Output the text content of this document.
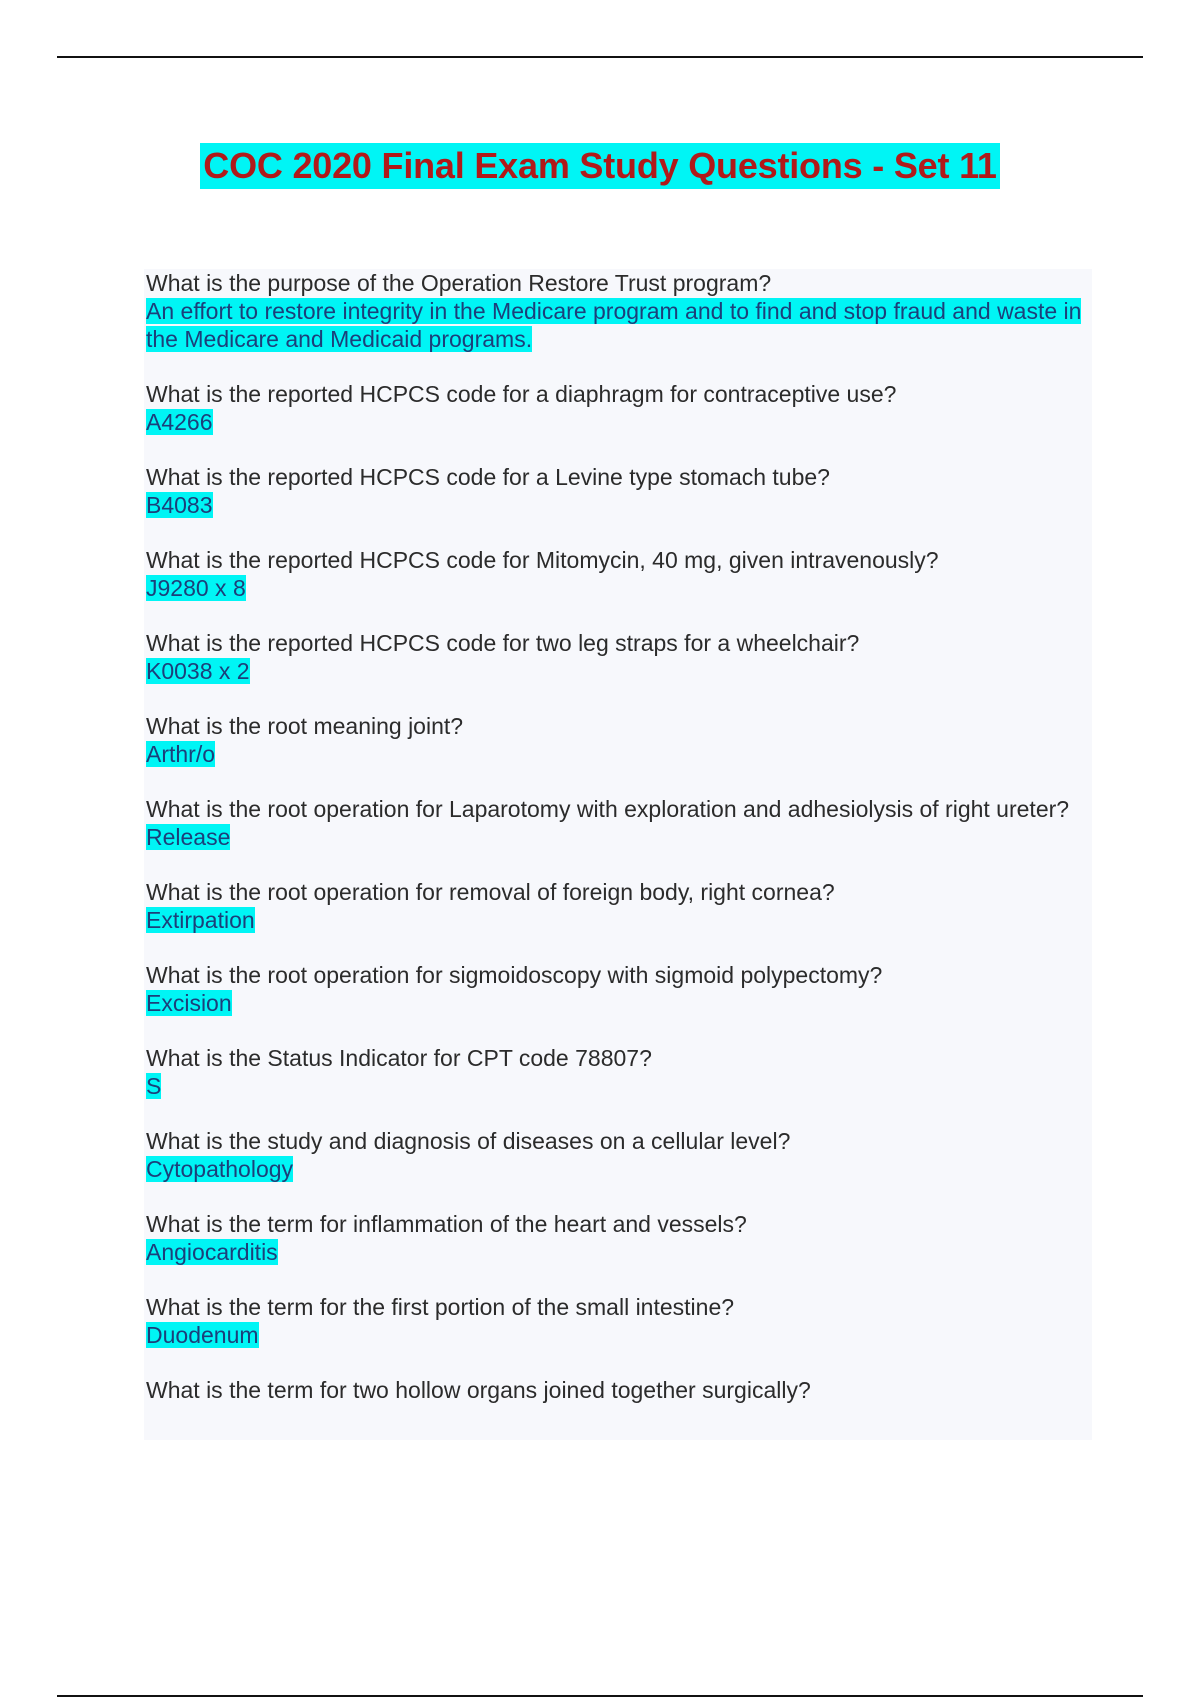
COC 2020 Final Exam Study Questions - Set 11
What is the purpose of the Operation Restore Trust program?
An effort to restore integrity in the Medicare program and to find and stop fraud and waste in the Medicare and Medicaid programs.
What is the reported HCPCS code for a diaphragm for contraceptive use?
A4266
What is the reported HCPCS code for a Levine type stomach tube?
B4083
What is the reported HCPCS code for Mitomycin, 40 mg, given intravenously?
J9280 x 8
What is the reported HCPCS code for two leg straps for a wheelchair?
K0038 x 2
What is the root meaning joint?
Arthr/o
What is the root operation for Laparotomy with exploration and adhesiolysis of right ureter?
Release
What is the root operation for removal of foreign body, right cornea?
Extirpation
What is the root operation for sigmoidoscopy with sigmoid polypectomy?
Excision
What is the Status Indicator for CPT code 78807?
S
What is the study and diagnosis of diseases on a cellular level?
Cytopathology
What is the term for inflammation of the heart and vessels?
Angiocarditis
What is the term for the first portion of the small intestine?
Duodenum
What is the term for two hollow organs joined together surgically?
